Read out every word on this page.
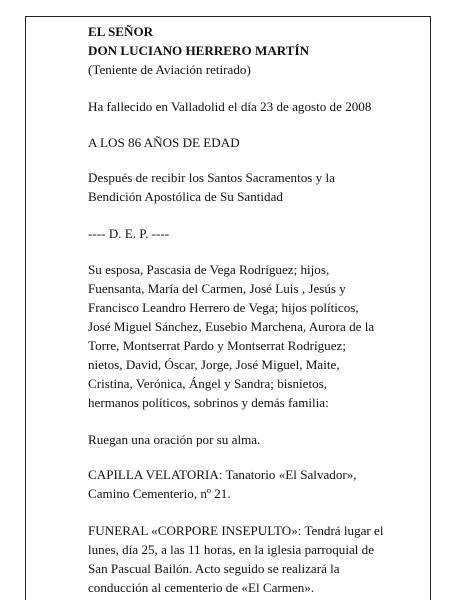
EL SEÑOR
DON LUCIANO HERRERO MARTÍN
(Teniente de Aviación retirado)
Ha fallecido en Valladolid el día 23 de agosto de 2008
A LOS 86 AÑOS DE EDAD
Después de recibir los Santos Sacramentos y la
Bendición Apostólica de Su Santidad
---- D. E. P. ----
Su esposa, Pascasia de Vega Rodríguez; hijos,
Fuensanta, María del Carmen, José Luis , Jesús y
Francisco Leandro Herrero de Vega; hijos políticos,
José Miguel Sánchez, Eusebio Marchena, Aurora de la
Torre, Montserrat Pardo y Montserrat Rodríguez;
nietos, David, Óscar, Jorge, José Miguel, Maite,
Cristina, Verónica, Ángel y Sandra; bisnietos,
hermanos políticos, sobrinos y demás familia:
Ruegan una oración por su alma.
CAPILLA VELATORIA: Tanatorio «El Salvador»,
Camino Cementerio, nº 21.
FUNERAL «CORPORE INSEPULTO»: Tendrá lugar el
lunes, día 25, a las 11 horas, en la iglesia parroquial de
San Pascual Bailón. Acto seguido se realizará la
conducción al cementerio de «El Carmen».
